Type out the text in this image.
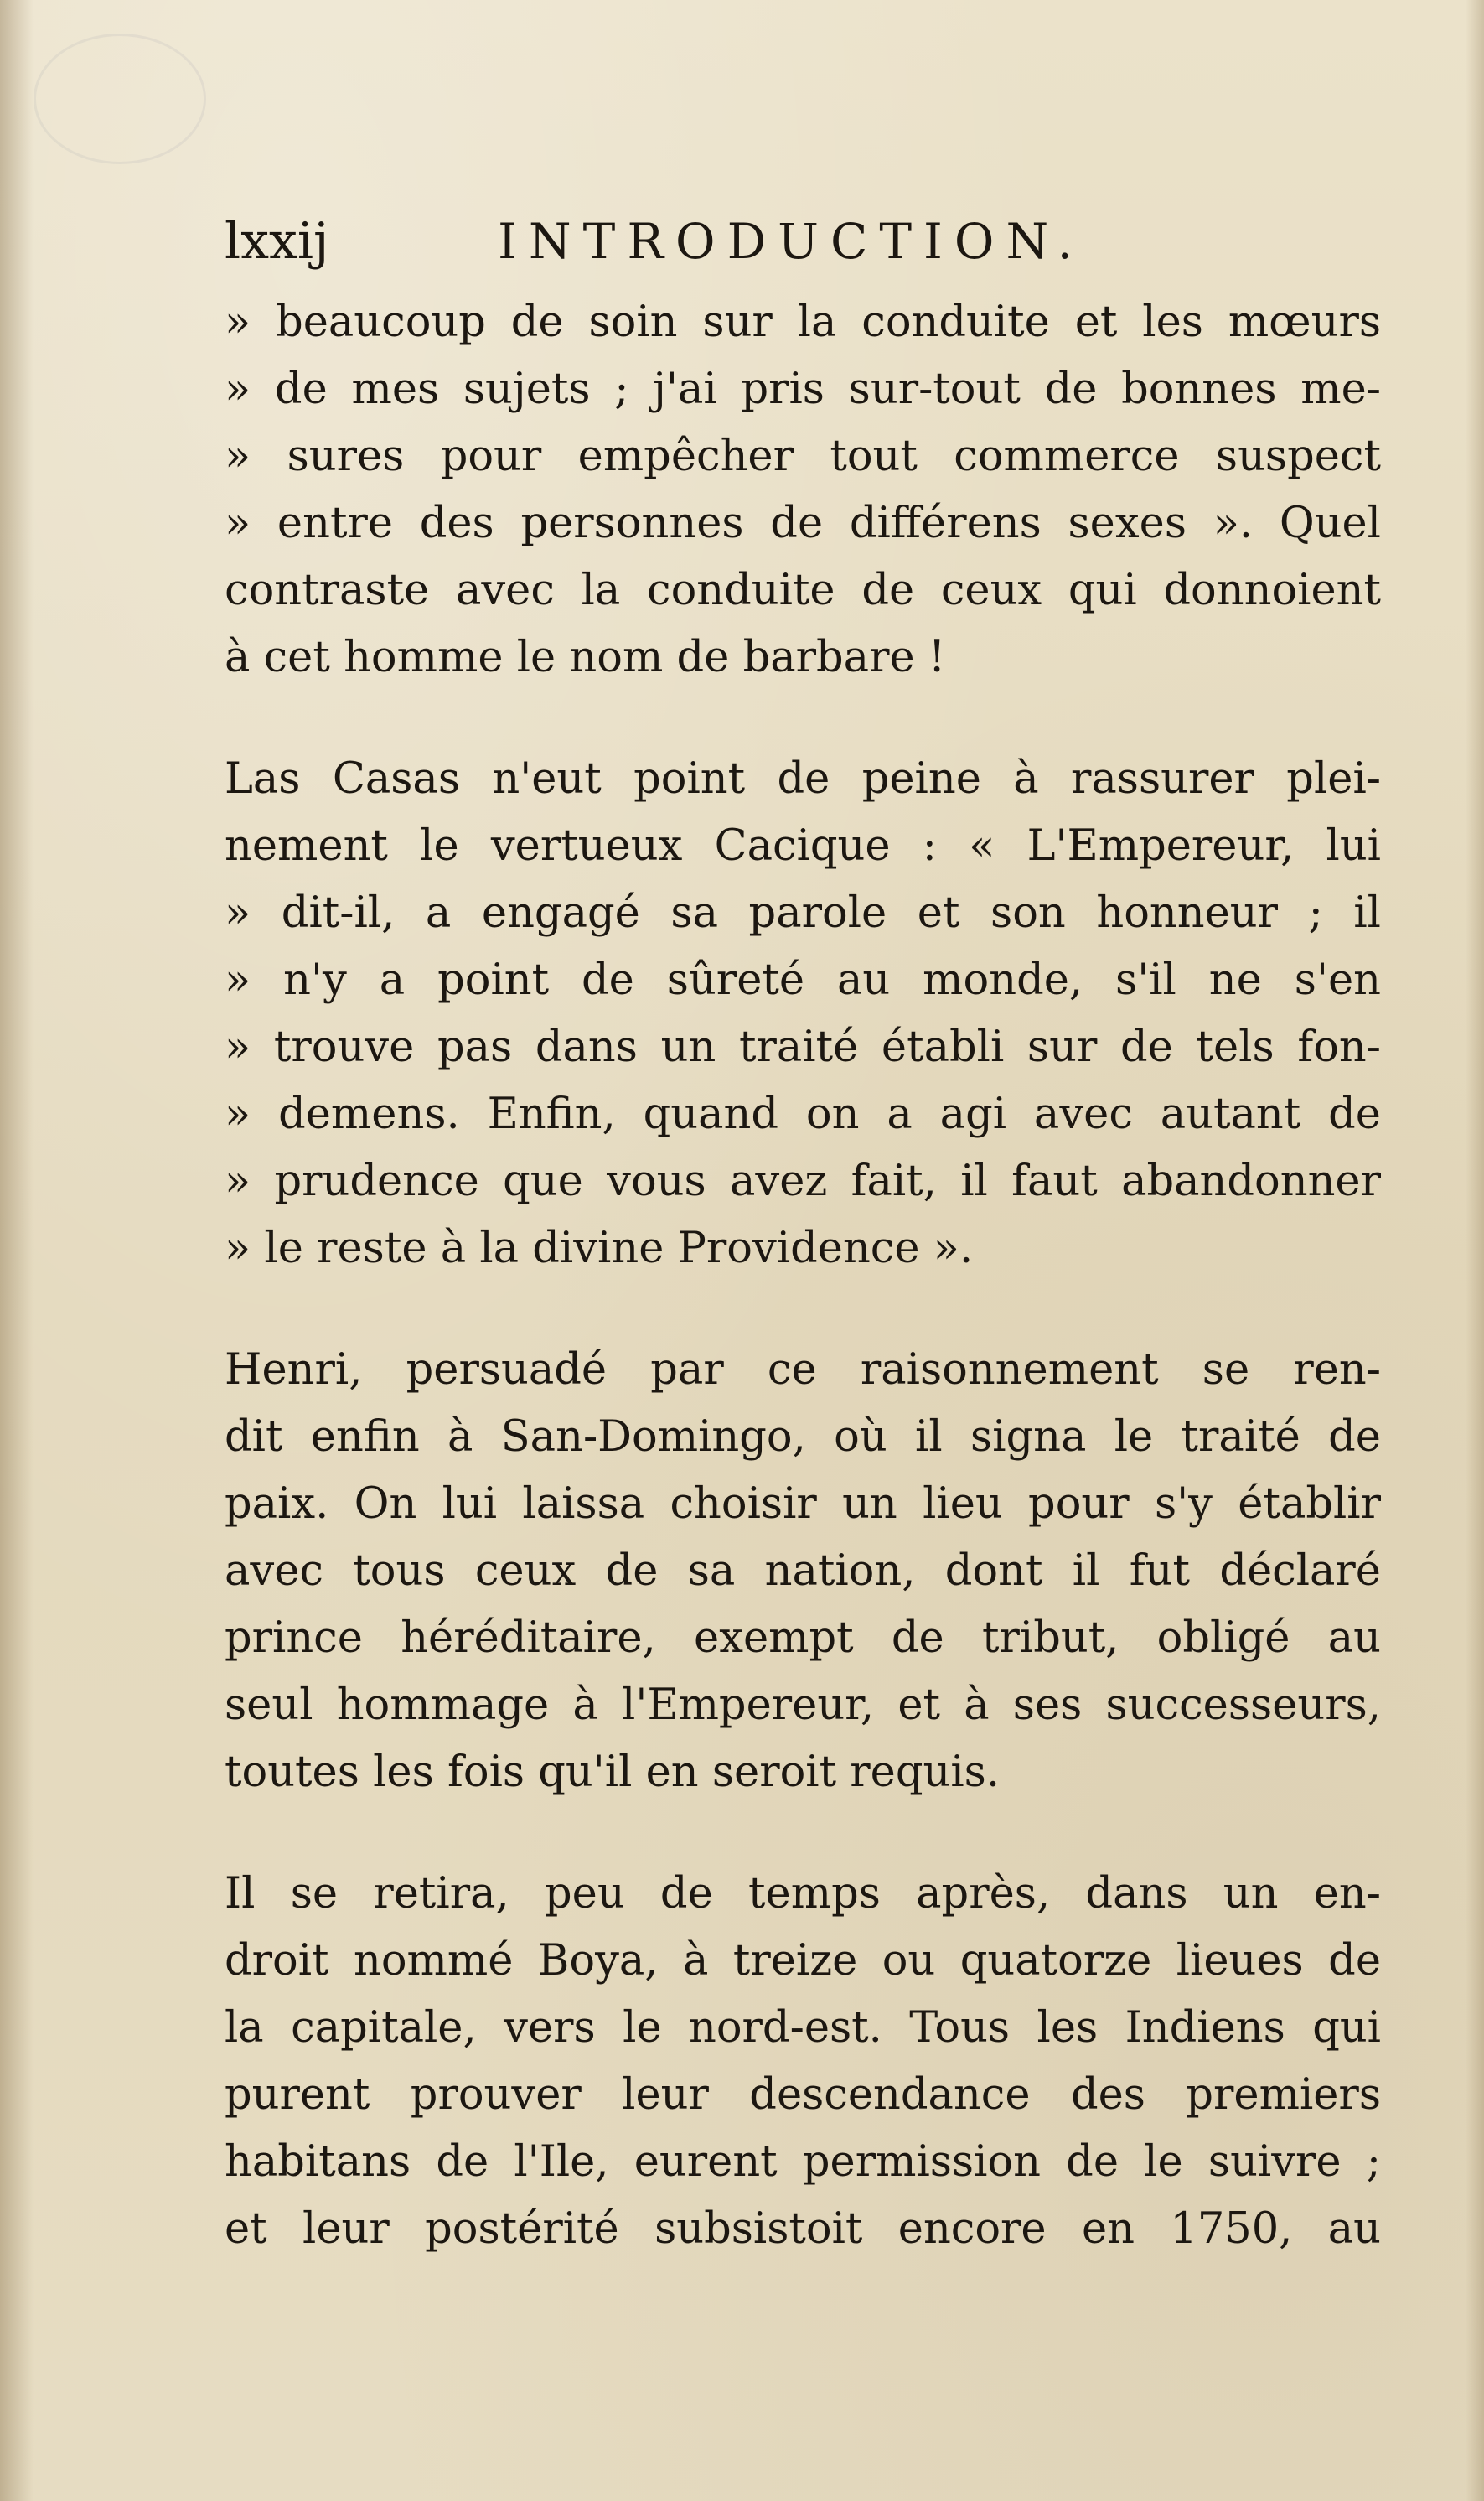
lxxij	INTRODUCTION.
» beaucoup de soin sur la conduite et les mœurs
» de mes sujets ; j'ai pris sur-tout de bonnes me-
» sures pour empêcher tout commerce suspect
» entre des personnes de différens sexes ». Quel
contraste avec la conduite de ceux qui donnoient
à cet homme le nom de barbare !
Las Casas n'eut point de peine à rassurer plei-
nement le vertueux Cacique : « L'Empereur, lui
» dit-il, a engagé sa parole et son honneur ; il
» n'y a point de sûreté au monde, s'il ne s'en
» trouve pas dans un traité établi sur de tels fon-
» demens. Enfin, quand on a agi avec autant de
» prudence que vous avez fait, il faut abandonner
» le reste à la divine Providence ».
Henri, persuadé par ce raisonnement se ren-
dit enfin à San-Domingo, où il signa le traité de
paix. On lui laissa choisir un lieu pour s'y établir
avec tous ceux de sa nation, dont il fut déclaré
prince héréditaire, exempt de tribut, obligé au
seul hommage à l'Empereur, et à ses successeurs,
toutes les fois qu'il en seroit requis.
Il se retira, peu de temps après, dans un en-
droit nommé Boya, à treize ou quatorze lieues de
la capitale, vers le nord-est. Tous les Indiens qui
purent prouver leur descendance des premiers
habitans de l'Ile, eurent permission de le suivre ;
et leur postérité subsistoit encore en 1750, au
